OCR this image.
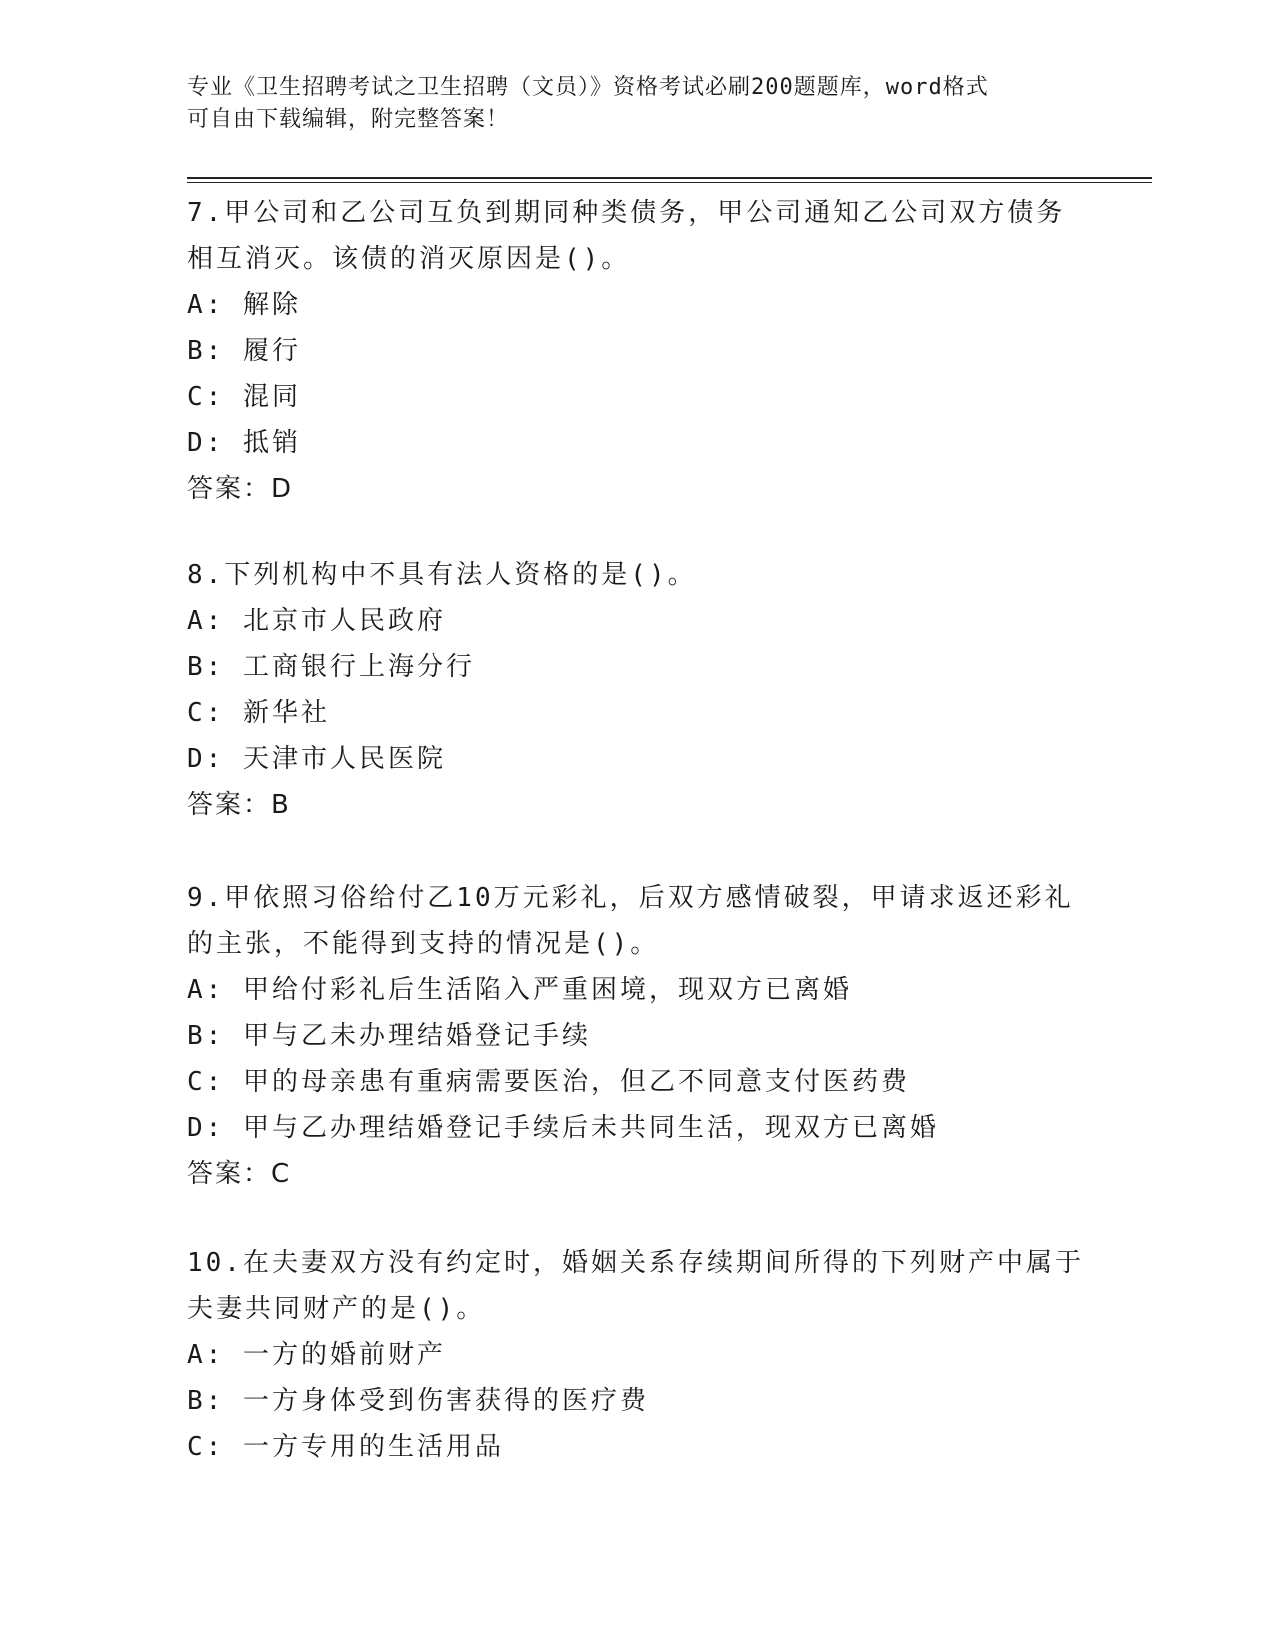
专业《卫生招聘考试之卫生招聘（文员）》资格考试必刷200题题库，word格式
可自由下载编辑，附完整答案！
7.甲公司和乙公司互负到期同种类债务，甲公司通知乙公司双方债务
相互消灭。该债的消灭原因是()。
A: 解除
B: 履行
C: 混同
D: 抵销
答案：D
8.下列机构中不具有法人资格的是()。
A: 北京市人民政府
B: 工商银行上海分行
C: 新华社
D: 天津市人民医院
答案：B
9.甲依照习俗给付乙10万元彩礼，后双方感情破裂，甲请求返还彩礼
的主张，不能得到支持的情况是()。
A: 甲给付彩礼后生活陷入严重困境，现双方已离婚
B: 甲与乙未办理结婚登记手续
C: 甲的母亲患有重病需要医治，但乙不同意支付医药费
D: 甲与乙办理结婚登记手续后未共同生活，现双方已离婚
答案：C
10.在夫妻双方没有约定时，婚姻关系存续期间所得的下列财产中属于
夫妻共同财产的是()。
A: 一方的婚前财产
B: 一方身体受到伤害获得的医疗费
C: 一方专用的生活用品
